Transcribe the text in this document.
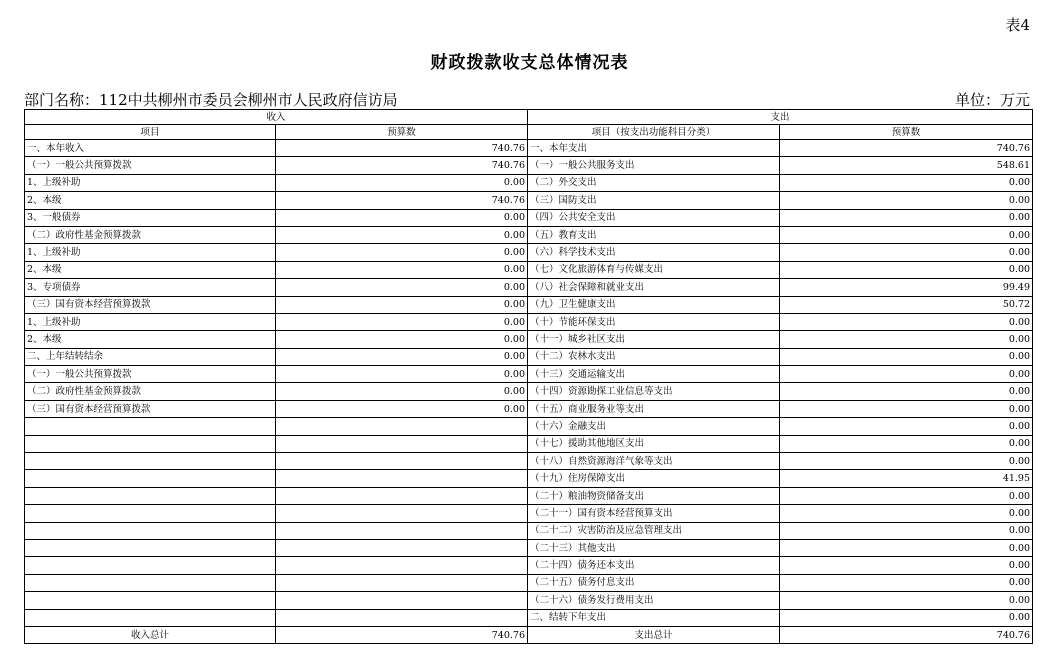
表4
财政拨款收支总体情况表
部门名称：112中共柳州市委员会柳州市人民政府信访局	单位：万元
收入		支出	
项目	预算数	项目（按支出功能科目分类）	预算数
一、本年收入	740.76	一、本年支出	740.76
（一）一般公共预算拨款	740.76	（一）一般公共服务支出	548.61
1、上级补助	0.00	（二）外交支出	0.00
2、本级	740.76	（三）国防支出	0.00
3、一般债券	0.00	（四）公共安全支出	0.00
（二）政府性基金预算拨款	0.00	（五）教育支出	0.00
1、上级补助	0.00	（六）科学技术支出	0.00
2、本级	0.00	（七）文化旅游体育与传媒支出	0.00
3、专项债券	0.00	（八）社会保障和就业支出	99.49
（三）国有资本经营预算拨款	0.00	（九）卫生健康支出	50.72
1、上级补助	0.00	（十）节能环保支出	0.00
2、本级	0.00	（十一）城乡社区支出	0.00
二、上年结转结余	0.00	（十二）农林水支出	0.00
（一）一般公共预算拨款	0.00	（十三）交通运输支出	0.00
（二）政府性基金预算拨款	0.00	（十四）资源勘探工业信息等支出	0.00
（三）国有资本经营预算拨款	0.00	（十五）商业服务业等支出	0.00
		（十六）金融支出	0.00
		（十七）援助其他地区支出	0.00
		（十八）自然资源海洋气象等支出	0.00
		（十九）住房保障支出	41.95
		（二十）粮油物资储备支出	0.00
		（二十一）国有资本经营预算支出	0.00
		（二十二）灾害防治及应急管理支出	0.00
		（二十三）其他支出	0.00
		（二十四）债务还本支出	0.00
		（二十五）债务付息支出	0.00
		（二十六）债务发行费用支出	0.00
		二、结转下年支出	0.00
收入总计	740.76	支出总计	740.76
